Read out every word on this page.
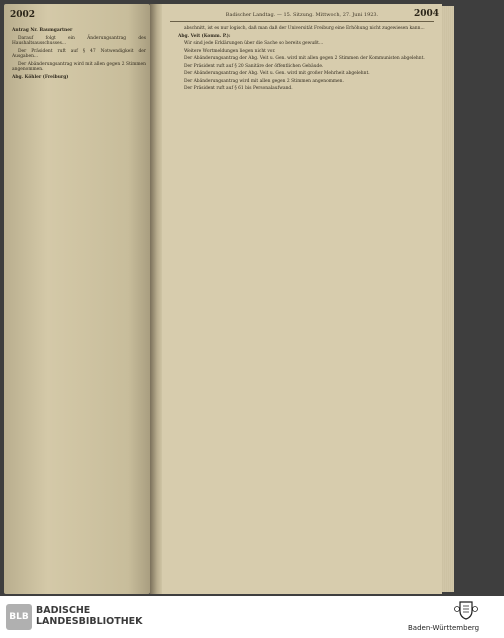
2002

Antrag Nr. Baumgartner

Darauf folgt ein Änderungsantrag des Haushaltsausschusses...

Der Präsident ruft auf § 47 Notwendigkeit der Ausgaben...

Der Abänderungsantrag wird mit allen gegen 2 Stimmen angenommen.

Abg. Köhler (Freiburg)

Badischer Landtag. — 15. Sitzung. Mittwoch, 27. Juni 1923.	2004

abschnitt, ist es nur logisch, daß man daß der Universität Freiburg eine Erhöhung nicht zugewiesen kann...

Abg. Veit (Komm. P.):

Wir sind jede Erklärungen über die Sache so bereits gewußt...

Weitere Wortmeldungen liegen nicht vor.

Der Abänderungsantrag der Abg. Veit u. Gen. wird mit allen gegen 2 Stimmen der Kommunisten abgelehnt.

Der Präsident ruft auf § 20 Sanitäre der öffentlichen Gebäude.

Der Abänderungsantrag der Abg. Veit u. Gen. wird mit großer Mehrheit abgelehnt.

Der Abänderungsantrag wird mit allen gegen 2 Stimmen angenommen.

Der Präsident ruft auf § 61 bis Personalaufwand.

BLB
BADISCHE
LANDESBIBLIOTHEK
Baden-Württemberg
